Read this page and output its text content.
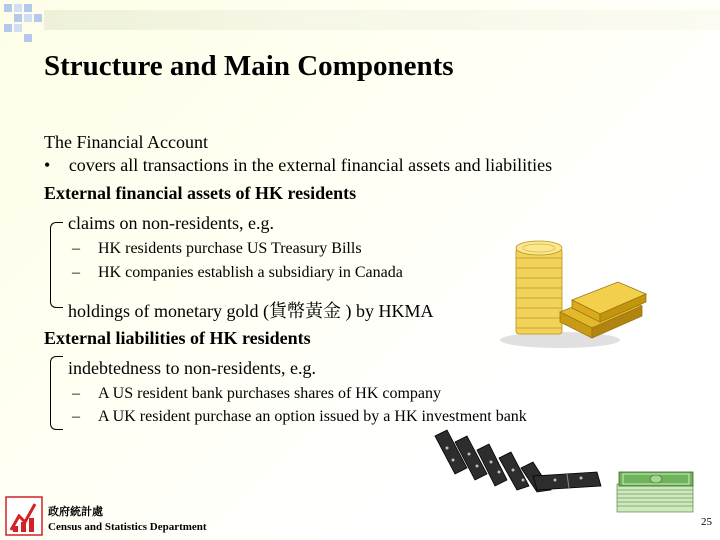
Structure and Main Components
The Financial Account
• covers all transactions in the external financial assets and liabilities
External financial assets of HK residents
claims on non-residents, e.g.
– HK residents purchase US Treasury Bills
– HK companies establish a subsidiary in Canada
holdings of monetary gold (貨幣黃金 ) by HKMA
External liabilities of HK residents
indebtedness to non-residents, e.g.
– A US resident bank purchases shares of HK company
– A UK resident purchase an option issued by a HK investment bank
政府統計處
Census and Statistics Department	25
